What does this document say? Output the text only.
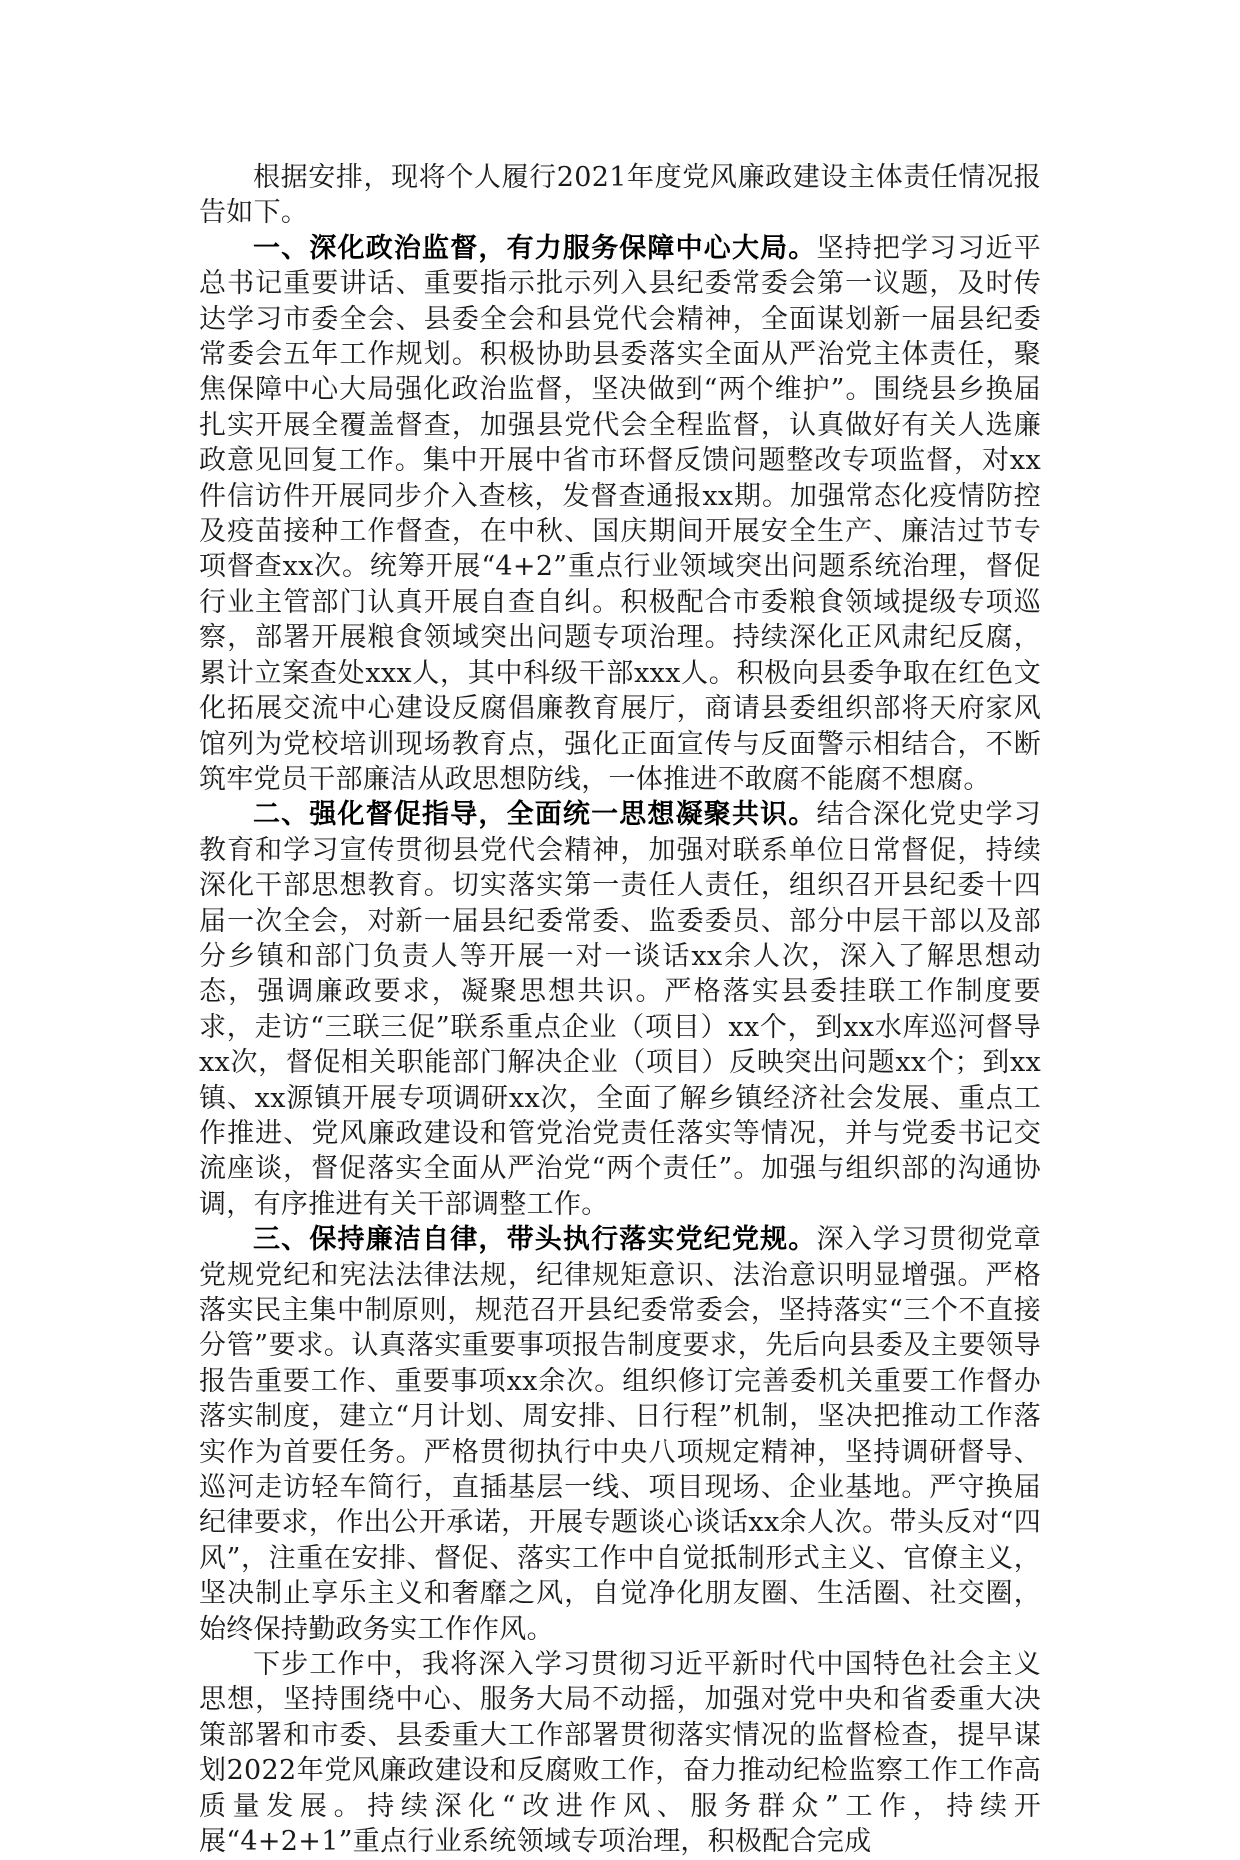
根据安排，现将个人履行2021年度党风廉政建设主体责任情况报告如下。

一、深化政治监督，有力服务保障中心大局。坚持把学习习近平总书记重要讲话、重要指示批示列入县纪委常委会第一议题，及时传达学习市委全会、县委全会和县党代会精神，全面谋划新一届县纪委常委会五年工作规划。积极协助县委落实全面从严治党主体责任，聚焦保障中心大局强化政治监督，坚决做到“两个维护”。围绕县乡换届扎实开展全覆盖督查，加强县党代会全程监督，认真做好有关人选廉政意见回复工作。集中开展中省市环督反馈问题整改专项监督，对xx件信访件开展同步介入查核，发督查通报xx期。加强常态化疫情防控及疫苗接种工作督查，在中秋、国庆期间开展安全生产、廉洁过节专项督查xx次。统筹开展“4+2”重点行业领域突出问题系统治理，督促行业主管部门认真开展自查自纠。积极配合市委粮食领域提级专项巡察，部署开展粮食领域突出问题专项治理。持续深化正风肃纪反腐，累计立案查处xxx人，其中科级干部xxx人。积极向县委争取在红色文化拓展交流中心建设反腐倡廉教育展厅，商请县委组织部将天府家风馆列为党校培训现场教育点，强化正面宣传与反面警示相结合，不断筑牢党员干部廉洁从政思想防线，一体推进不敢腐不能腐不想腐。

二、强化督促指导，全面统一思想凝聚共识。结合深化党史学习教育和学习宣传贯彻县党代会精神，加强对联系单位日常督促，持续深化干部思想教育。切实落实第一责任人责任，组织召开县纪委十四届一次全会，对新一届县纪委常委、监委委员、部分中层干部以及部分乡镇和部门负责人等开展一对一谈话xx余人次，深入了解思想动态，强调廉政要求，凝聚思想共识。严格落实县委挂联工作制度要求，走访“三联三促”联系重点企业（项目）xx个，到xx水库巡河督导xx次，督促相关职能部门解决企业（项目）反映突出问题xx个；到xx镇、xx源镇开展专项调研xx次，全面了解乡镇经济社会发展、重点工作推进、党风廉政建设和管党治党责任落实等情况，并与党委书记交流座谈，督促落实全面从严治党“两个责任”。加强与组织部的沟通协调，有序推进有关干部调整工作。

三、保持廉洁自律，带头执行落实党纪党规。深入学习贯彻党章党规党纪和宪法法律法规，纪律规矩意识、法治意识明显增强。严格落实民主集中制原则，规范召开县纪委常委会，坚持落实“三个不直接分管”要求。认真落实重要事项报告制度要求，先后向县委及主要领导报告重要工作、重要事项xx余次。组织修订完善委机关重要工作督办落实制度，建立“月计划、周安排、日行程”机制，坚决把推动工作落实作为首要任务。严格贯彻执行中央八项规定精神，坚持调研督导、巡河走访轻车简行，直插基层一线、项目现场、企业基地。严守换届纪律要求，作出公开承诺，开展专题谈心谈话xx余人次。带头反对“四风”，注重在安排、督促、落实工作中自觉抵制形式主义、官僚主义，坚决制止享乐主义和奢靡之风，自觉净化朋友圈、生活圈、社交圈，始终保持勤政务实工作作风。

下步工作中，我将深入学习贯彻习近平新时代中国特色社会主义思想，坚持围绕中心、服务大局不动摇，加强对党中央和省委重大决策部署和市委、县委重大工作部署贯彻落实情况的监督检查，提早谋划2022年党风廉政建设和反腐败工作，奋力推动纪检监察工作工作高质量发展。持续深化“改进作风、服务群众”工作，持续开展“4+2+1”重点行业系统领域专项治理，积极配合完成
